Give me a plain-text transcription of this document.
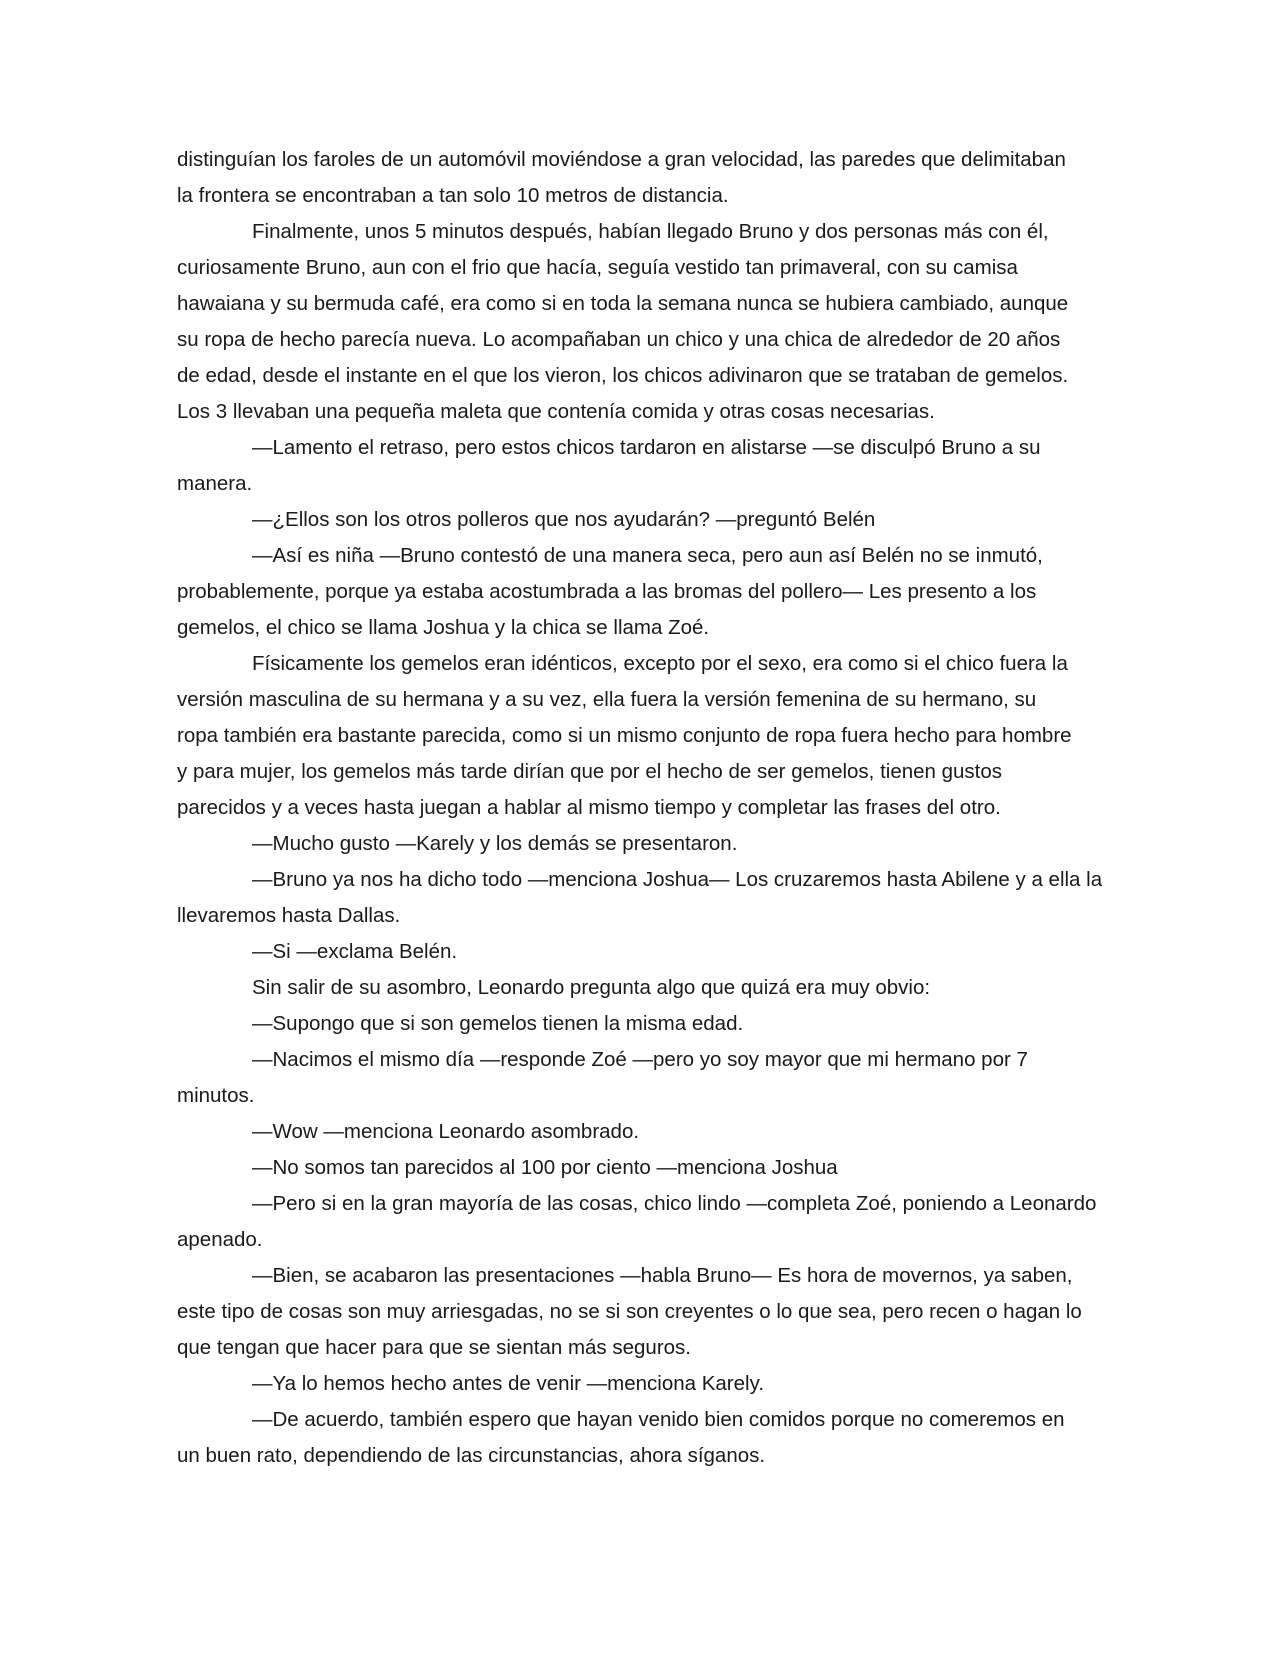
distinguían los faroles de un automóvil moviéndose a gran velocidad, las paredes que delimitaban
la frontera se encontraban a tan solo 10 metros de distancia.
Finalmente, unos 5 minutos después, habían llegado Bruno y dos personas más con él,
curiosamente Bruno, aun con el frio que hacía, seguía vestido tan primaveral, con su camisa
hawaiana y su bermuda café, era como si en toda la semana nunca se hubiera cambiado, aunque
su ropa de hecho parecía nueva. Lo acompañaban un chico y una chica de alrededor de 20 años
de edad, desde el instante en el que los vieron, los chicos adivinaron que se trataban de gemelos.
Los 3 llevaban una pequeña maleta que contenía comida y otras cosas necesarias.
—Lamento el retraso, pero estos chicos tardaron en alistarse —se disculpó Bruno a su
manera.
—¿Ellos son los otros polleros que nos ayudarán? —preguntó Belén
—Así es niña —Bruno contestó de una manera seca, pero aun así Belén no se inmutó,
probablemente, porque ya estaba acostumbrada a las bromas del pollero— Les presento a los
gemelos, el chico se llama Joshua y la chica se llama Zoé.
Físicamente los gemelos eran idénticos, excepto por el sexo, era como si el chico fuera la
versión masculina de su hermana y a su vez, ella fuera la versión femenina de su hermano, su
ropa también era bastante parecida, como si un mismo conjunto de ropa fuera hecho para hombre
y para mujer, los gemelos más tarde dirían que por el hecho de ser gemelos, tienen gustos
parecidos y a veces hasta juegan a hablar al mismo tiempo y completar las frases del otro.
—Mucho gusto —Karely y los demás se presentaron.
—Bruno ya nos ha dicho todo —menciona Joshua— Los cruzaremos hasta Abilene y a ella la
llevaremos hasta Dallas.
—Si —exclama Belén.
Sin salir de su asombro, Leonardo pregunta algo que quizá era muy obvio:
—Supongo que si son gemelos tienen la misma edad.
—Nacimos el mismo día —responde Zoé —pero yo soy mayor que mi hermano por 7
minutos.
—Wow —menciona Leonardo asombrado.
—No somos tan parecidos al 100 por ciento —menciona Joshua
—Pero si en la gran mayoría de las cosas, chico lindo —completa Zoé, poniendo a Leonardo
apenado.
—Bien, se acabaron las presentaciones —habla Bruno— Es hora de movernos, ya saben,
este tipo de cosas son muy arriesgadas, no se si son creyentes o lo que sea, pero recen o hagan lo
que tengan que hacer para que se sientan más seguros.
—Ya lo hemos hecho antes de venir —menciona Karely.
—De acuerdo, también espero que hayan venido bien comidos porque no comeremos en
un buen rato, dependiendo de las circunstancias, ahora síganos.
